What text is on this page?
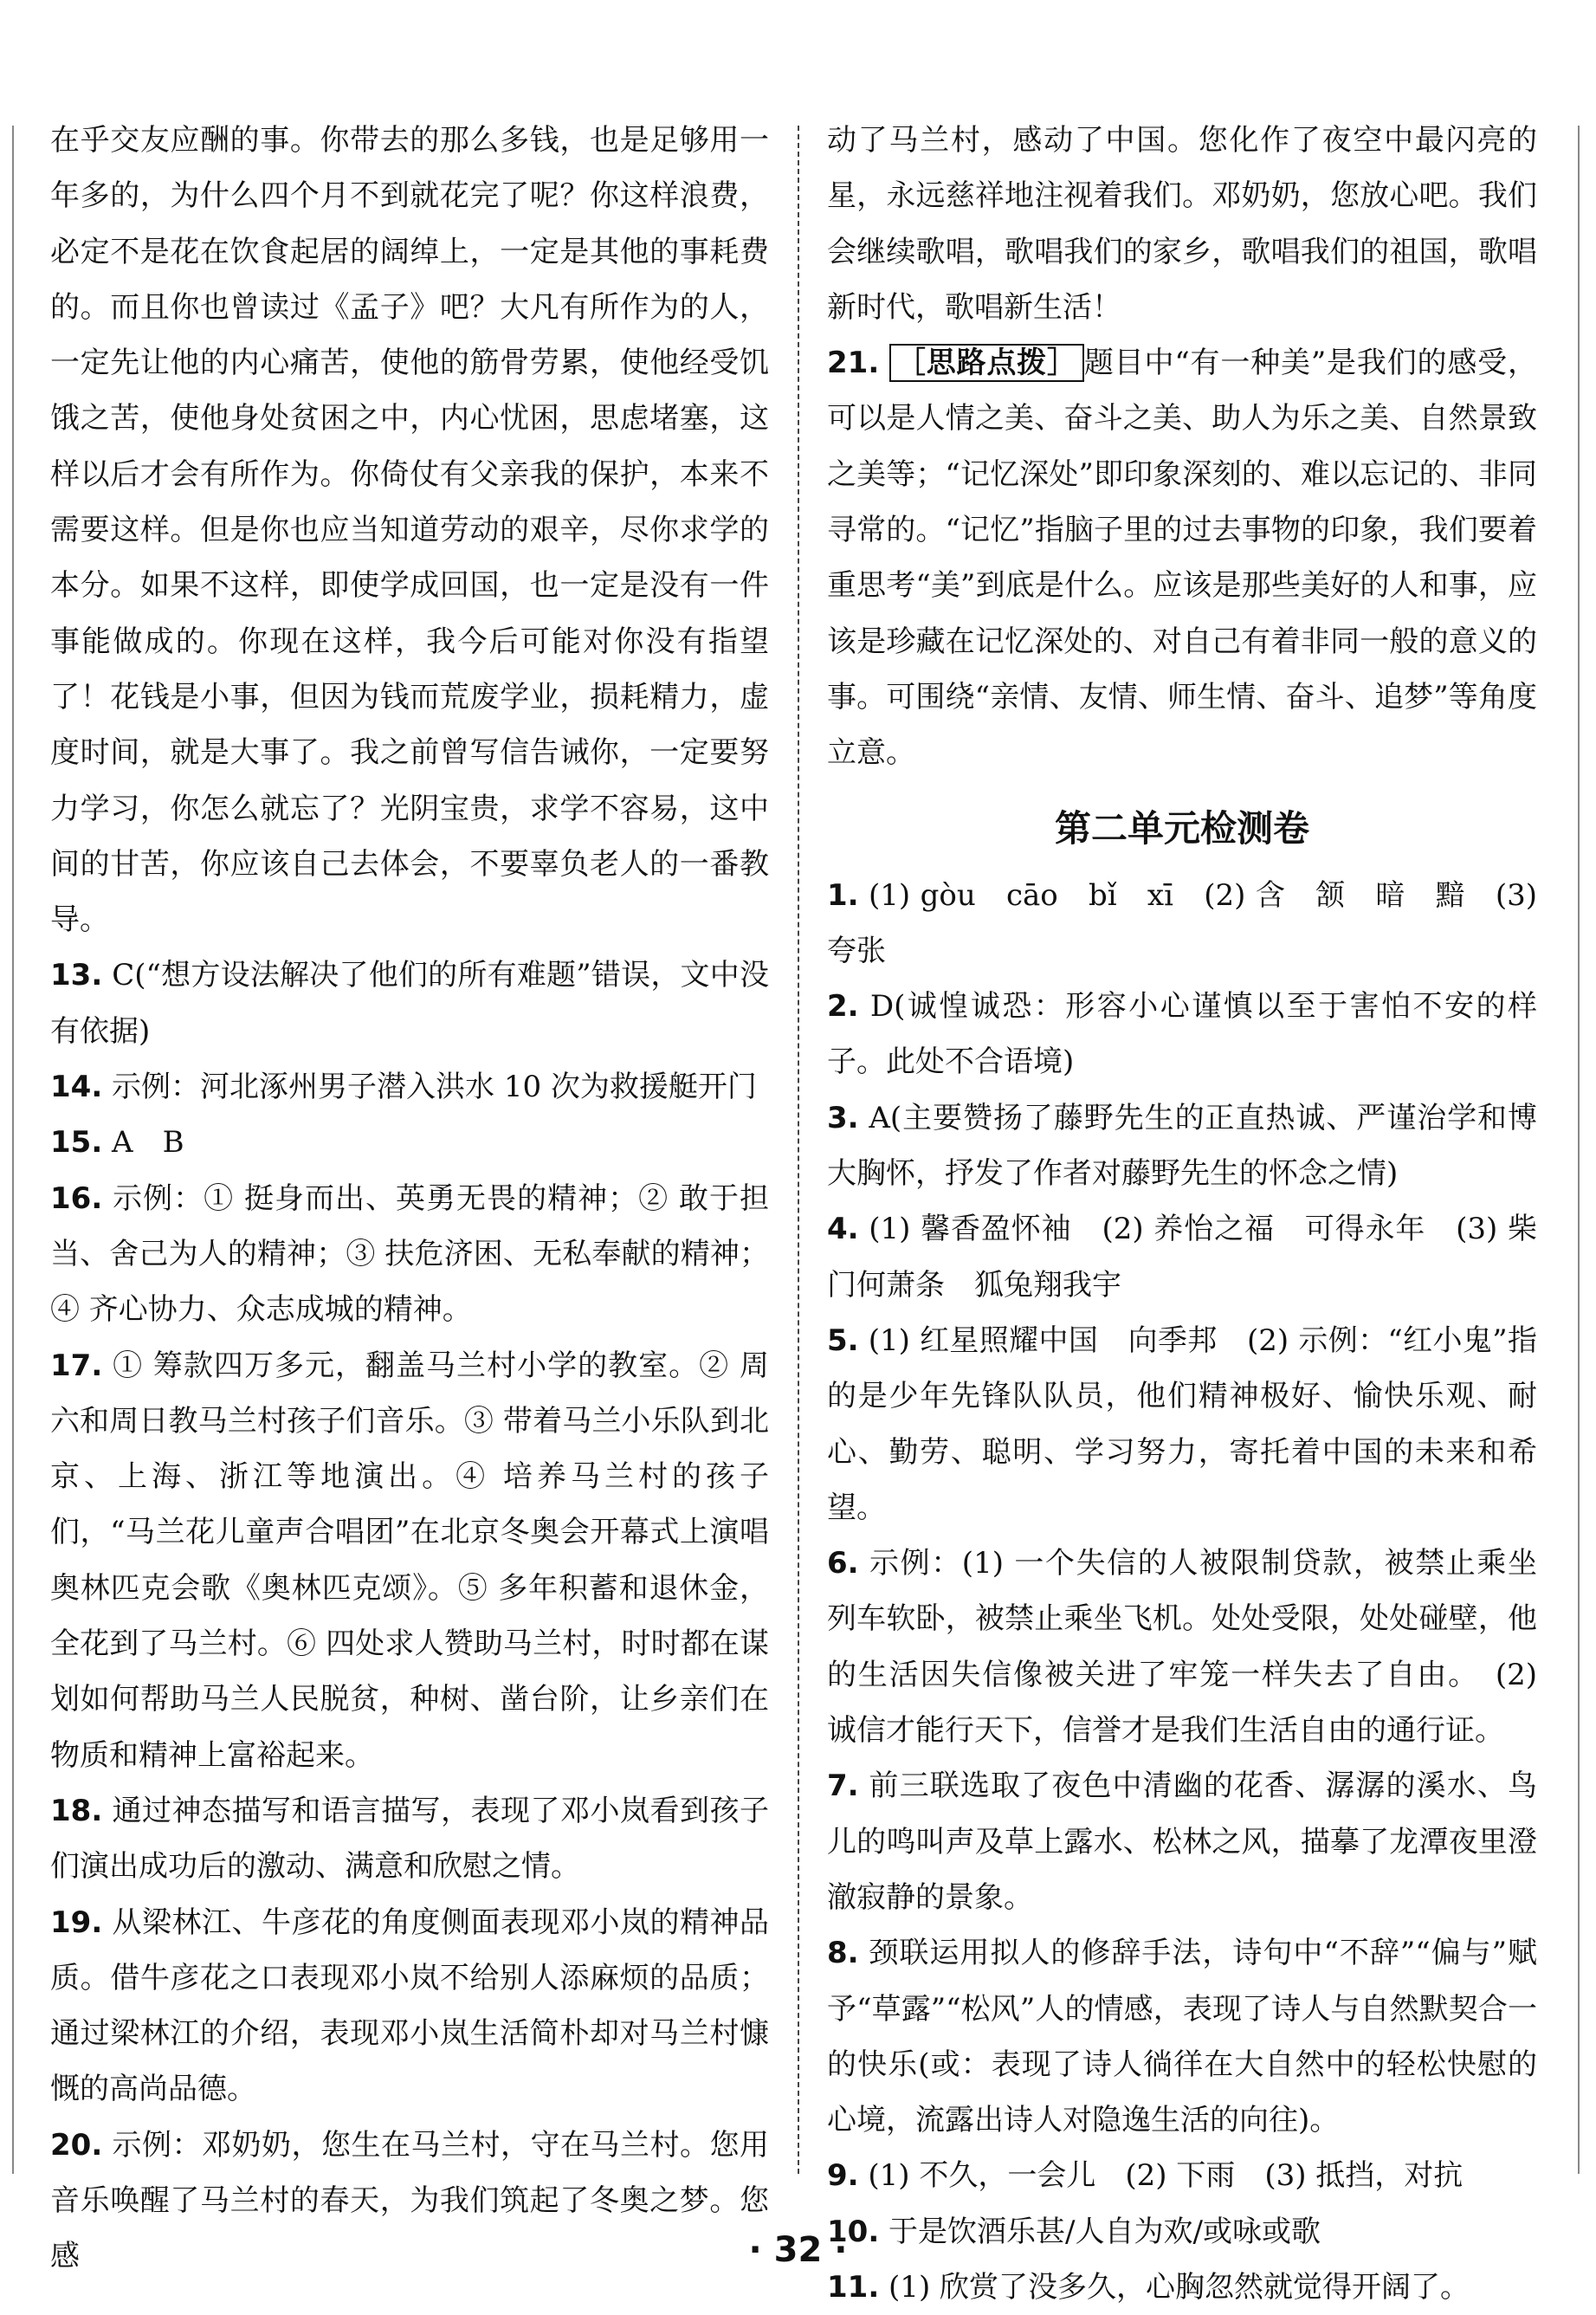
在乎交友应酬的事。你带去的那么多钱，也是足够用一年多的，为什么四个月不到就花完了呢？你这样浪费，必定不是花在饮食起居的阔绰上，一定是其他的事耗费的。而且你也曾读过《孟子》吧？大凡有所作为的人，一定先让他的内心痛苦，使他的筋骨劳累，使他经受饥饿之苦，使他身处贫困之中，内心忧困，思虑堵塞，这样以后才会有所作为。你倚仗有父亲我的保护，本来不需要这样。但是你也应当知道劳动的艰辛，尽你求学的本分。如果不这样，即使学成回国，也一定是没有一件事能做成的。你现在这样，我今后可能对你没有指望了！花钱是小事，但因为钱而荒废学业，损耗精力，虚度时间，就是大事了。我之前曾写信告诫你，一定要努力学习，你怎么就忘了？光阴宝贵，求学不容易，这中间的甘苦，你应该自己去体会，不要辜负老人的一番教导。

13. C(“想方设法解决了他们的所有难题”错误，文中没有依据)

14. 示例：河北涿州男子潜入洪水 10 次为救援艇开门

15. A　B

16. 示例：① 挺身而出、英勇无畏的精神；② 敢于担当、舍己为人的精神；③ 扶危济困、无私奉献的精神；④ 齐心协力、众志成城的精神。

17. ① 筹款四万多元，翻盖马兰村小学的教室。② 周六和周日教马兰村孩子们音乐。③ 带着马兰小乐队到北京、上海、浙江等地演出。④ 培养马兰村的孩子们，“马兰花儿童声合唱团”在北京冬奥会开幕式上演唱奥林匹克会歌《奥林匹克颂》。⑤ 多年积蓄和退休金，全花到了马兰村。⑥ 四处求人赞助马兰村，时时都在谋划如何帮助马兰人民脱贫，种树、凿台阶，让乡亲们在物质和精神上富裕起来。

18. 通过神态描写和语言描写，表现了邓小岚看到孩子们演出成功后的激动、满意和欣慰之情。

19. 从梁林江、牛彦花的角度侧面表现邓小岚的精神品质。借牛彦花之口表现邓小岚不给别人添麻烦的品质；通过梁林江的介绍，表现邓小岚生活简朴却对马兰村慷慨的高尚品德。

20. 示例：邓奶奶，您生在马兰村，守在马兰村。您用音乐唤醒了马兰村的春天，为我们筑起了冬奥之梦。您感

动了马兰村，感动了中国。您化作了夜空中最闪亮的星，永远慈祥地注视着我们。邓奶奶，您放心吧。我们会继续歌唱，歌唱我们的家乡，歌唱我们的祖国，歌唱新时代，歌唱新生活！

21. ［思路点拨］ 题目中“有一种美”是我们的感受，可以是人情之美、奋斗之美、助人为乐之美、自然景致之美等；“记忆深处”即印象深刻的、难以忘记的、非同寻常的。“记忆”指脑子里的过去事物的印象，我们要着重思考“美”到底是什么。应该是那些美好的人和事，应该是珍藏在记忆深处的、对自己有着非同一般的意义的事。可围绕“亲情、友情、师生情、奋斗、追梦”等角度立意。

第二单元检测卷

1. (1) gòu　cāo　bǐ　xī　(2) 含　颔　暗　黯　(3) 夸张

2. D(诚惶诚恐：形容小心谨慎以至于害怕不安的样子。此处不合语境)

3. A(主要赞扬了藤野先生的正直热诚、严谨治学和博大胸怀，抒发了作者对藤野先生的怀念之情)

4. (1) 馨香盈怀袖　(2) 养怡之福　可得永年　(3) 柴门何萧条　狐兔翔我宇

5. (1) 红星照耀中国　向季邦　(2) 示例：“红小鬼”指的是少年先锋队队员，他们精神极好、愉快乐观、耐心、勤劳、聪明、学习努力，寄托着中国的未来和希望。

6. 示例：(1) 一个失信的人被限制贷款，被禁止乘坐列车软卧，被禁止乘坐飞机。处处受限，处处碰壁，他的生活因失信像被关进了牢笼一样失去了自由。　(2) 诚信才能行天下，信誉才是我们生活自由的通行证。

7. 前三联选取了夜色中清幽的花香、潺潺的溪水、鸟儿的鸣叫声及草上露水、松林之风，描摹了龙潭夜里澄澈寂静的景象。

8. 颈联运用拟人的修辞手法，诗句中“不辞”“偏与”赋予“草露”“松风”人的情感，表现了诗人与自然默契合一的快乐(或：表现了诗人徜徉在大自然中的轻松快慰的心境，流露出诗人对隐逸生活的向往)。

9. (1) 不久，一会儿　(2) 下雨　(3) 抵挡，对抗

10. 于是饮酒乐甚/人自为欢/或咏或歌

11. (1) 欣赏了没多久，心胸忽然就觉得开阔了。

· 32 ·
